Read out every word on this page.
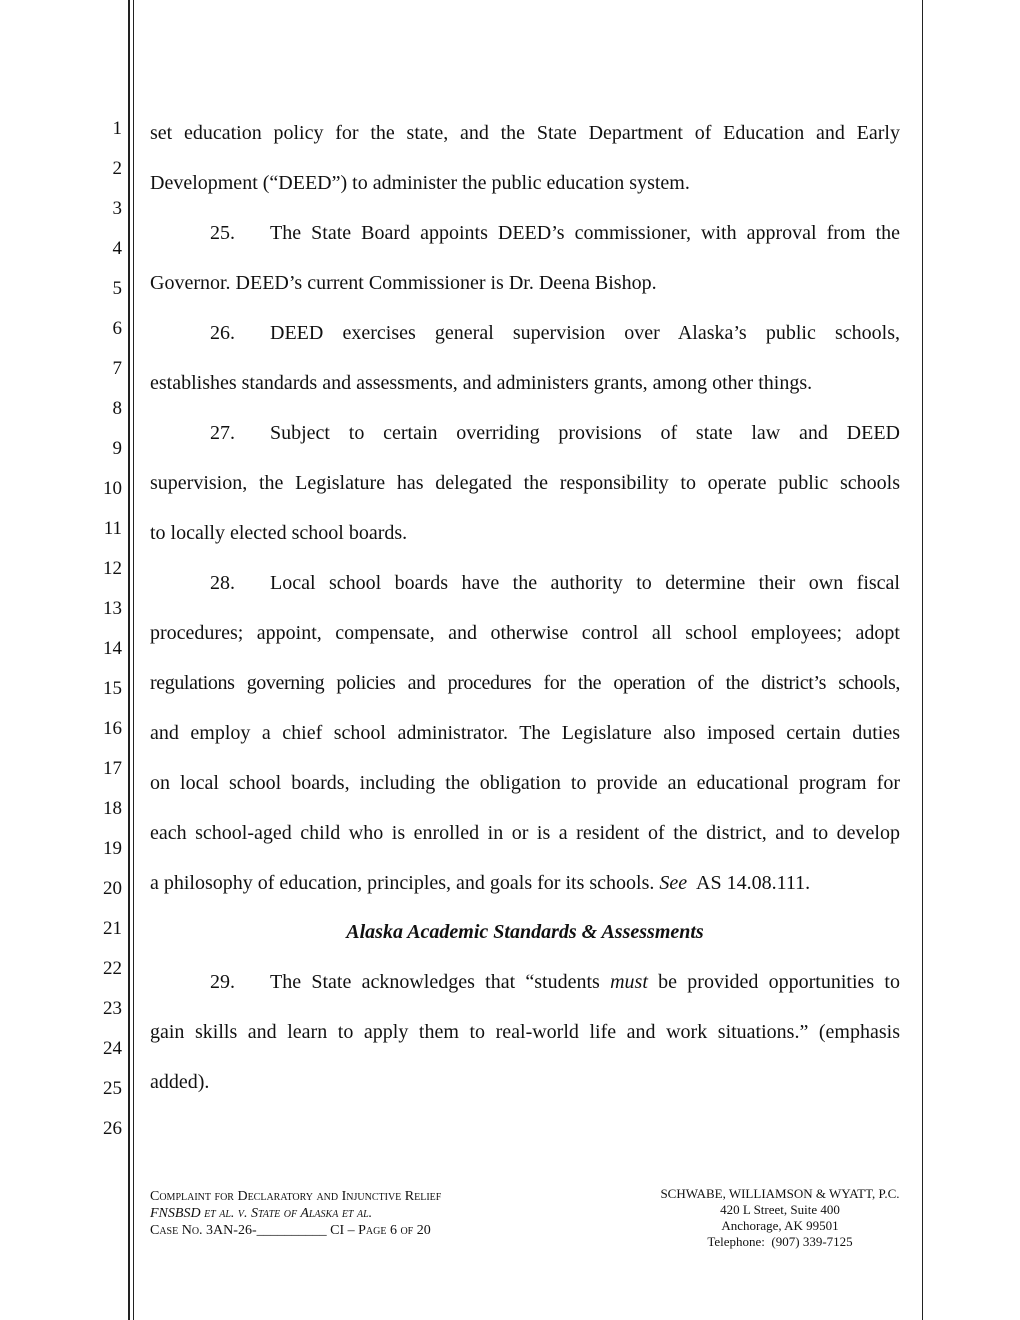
1
2
3
4
5
6
7
8
9
10
11
12
13
14
15
16
17
18
19
20
21
22
23
24
25
26
set education policy for the state, and the State Department of Education and Early
Development (“DEED”) to administer the public education system.
25. The State Board appoints DEED’s commissioner, with approval from the
Governor. DEED’s current Commissioner is Dr. Deena Bishop.
26. DEED exercises general supervision over Alaska’s public schools,
establishes standards and assessments, and administers grants, among other things.
27. Subject to certain overriding provisions of state law and DEED
supervision, the Legislature has delegated the responsibility to operate public schools
to locally elected school boards.
28. Local school boards have the authority to determine their own fiscal
procedures; appoint, compensate, and otherwise control all school employees; adopt
regulations governing policies and procedures for the operation of the district’s schools,
and employ a chief school administrator. The Legislature also imposed certain duties
on local school boards, including the obligation to provide an educational program for
each school-aged child who is enrolled in or is a resident of the district, and to develop
a philosophy of education, principles, and goals for its schools. See  AS 14.08.111.
Alaska Academic Standards & Assessments
29. The State acknowledges that “students must be provided opportunities to
gain skills and learn to apply them to real-world life and work situations.” (emphasis
added).
Complaint for Declaratory and Injunctive Relief
FNSBSD et al. v. State of Alaska et al.
Case No. 3AN-26-__________ CI – Page 6 of 20
SCHWABE, WILLIAMSON & WYATT, P.C.
420 L Street, Suite 400
Anchorage, AK 99501
Telephone:  (907) 339-7125
